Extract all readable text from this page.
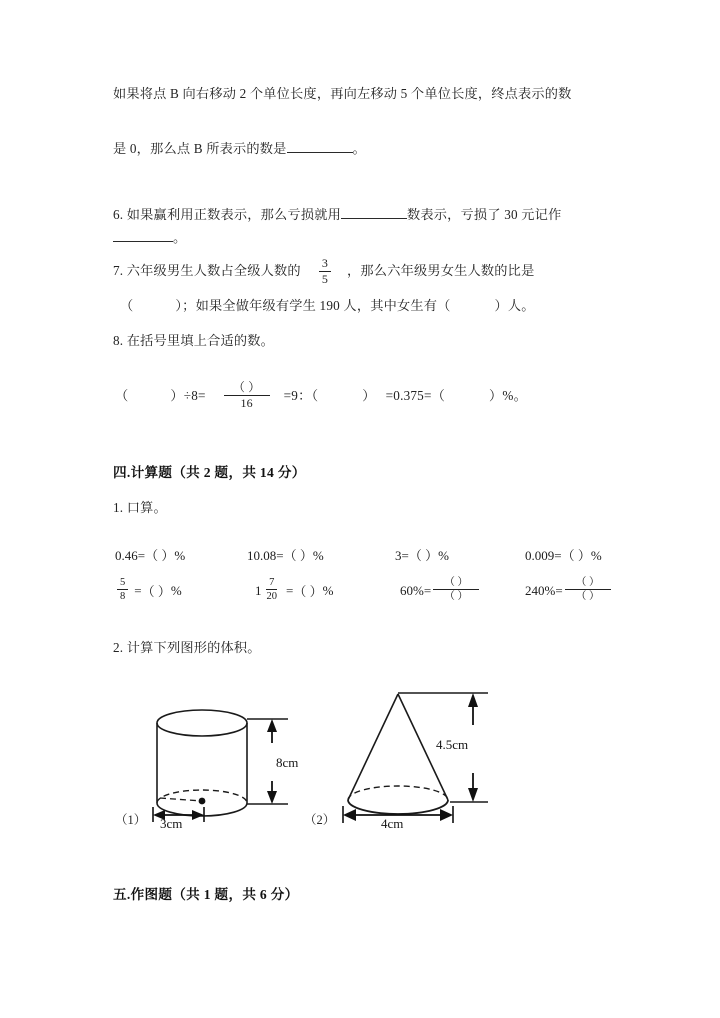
如果将点 B 向右移动 2 个单位长度，再向左移动 5 个单位长度，终点表示的数
是 0，那么点 B 所表示的数是	。
6. 如果赢利用正数表示，那么亏损就用	数表示，亏损了 30 元记作
。
7. 六年级男生人数占全级人数的 $\frac{3}{5}$ ，那么六年级男女生人数的比是
（	）；如果全做年级有学生 190 人，其中女生有（	）人。
8. 在括号里填上合适的数。
（	）$\div 8= \frac{( )}{16} =9$：（	） =0.375=（	）%。
四.计算题（共 2 题，共 14 分）
1. 口算。
0.46=（ ）%	10.08=（ ）%	3=（ ）%	0.009=（ ）%
$\frac{5}{8}$ = （ ） %	$1 \frac{7}{20}$ = （ ） %	$60\% = \frac{( )}{( )}$	$240\% = \frac{( )}{( )}$
2. 计算下列图形的体积。
8cm
3cm
（1）
4.5cm
4cm
（2）
五.作图题（共 1 题，共 6 分）
